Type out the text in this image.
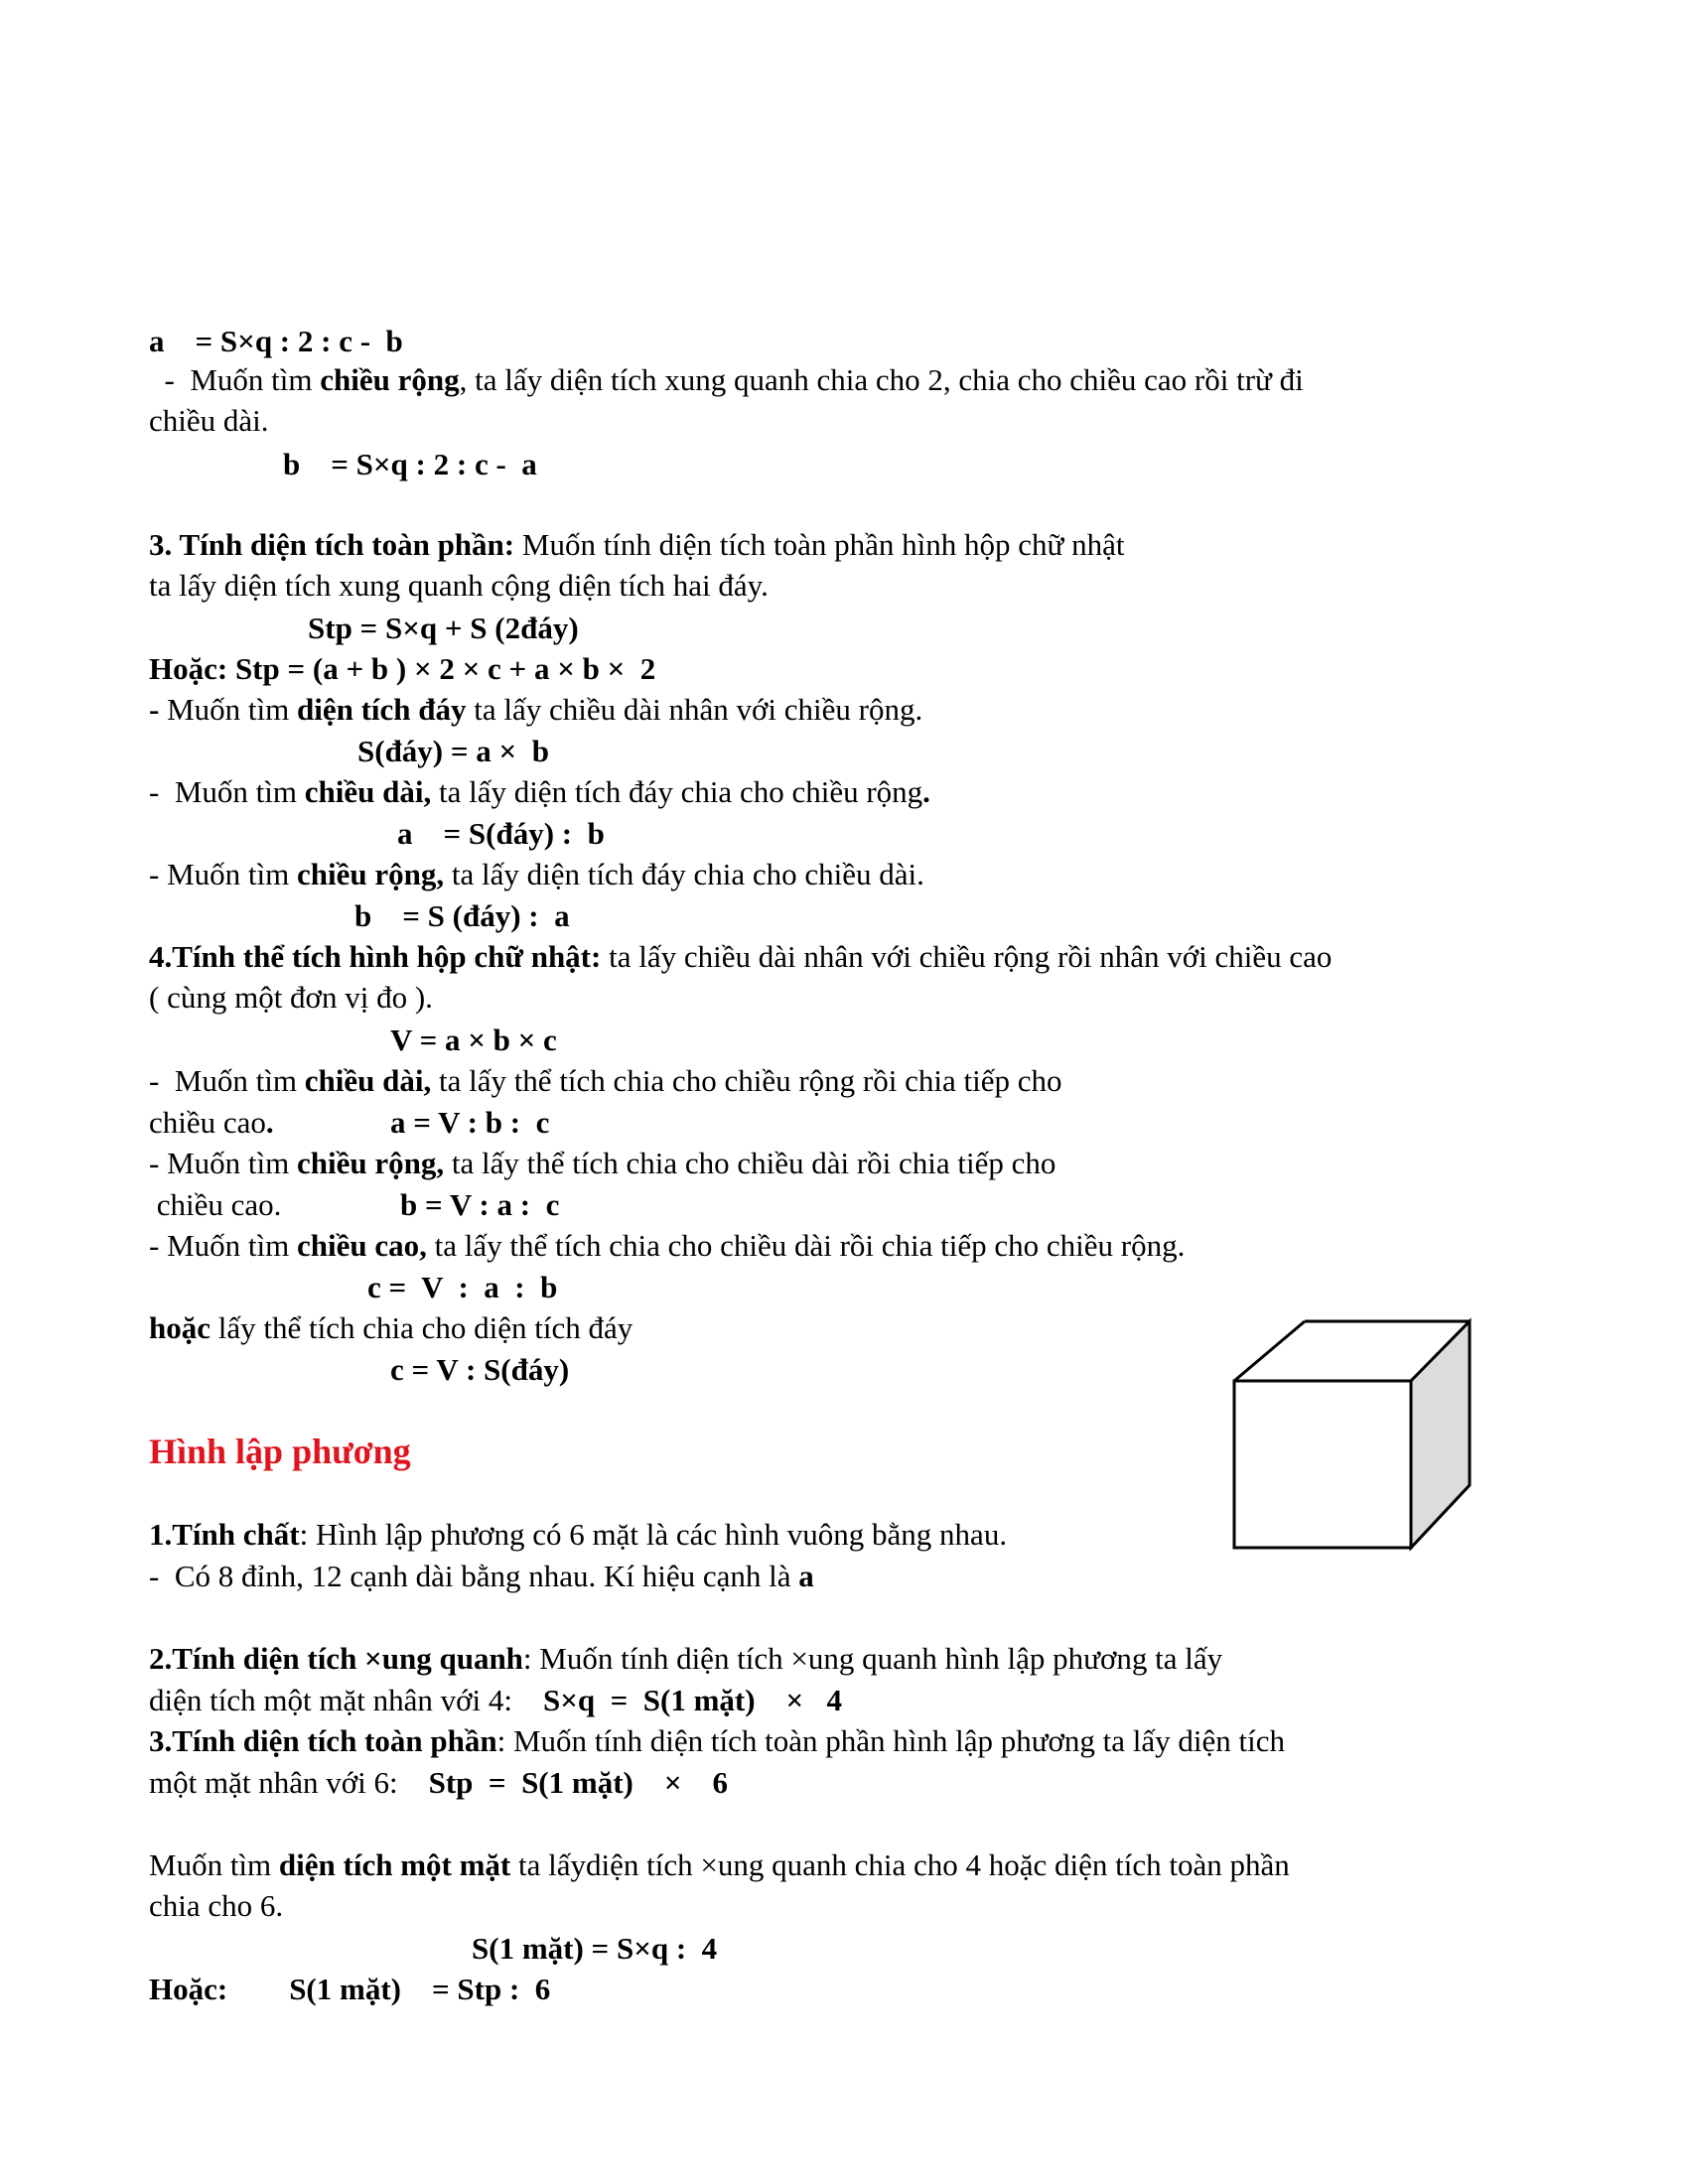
a    = S×q : 2 : c -  b
-  Muốn tìm chiều rộng, ta lấy diện tích xung quanh chia cho 2, chia cho chiều cao rồi trừ đi
chiều dài.
b    = S×q : 2 : c -  a
3. Tính diện tích toàn phần: Muốn tính diện tích toàn phần hình hộp chữ nhật
ta lấy diện tích xung quanh cộng diện tích hai đáy.
Stp = S×q + S (2đáy)
Hoặc: Stp = (a + b ) × 2 × c + a × b ×  2
- Muốn tìm diện tích đáy ta lấy chiều dài nhân với chiều rộng.
S(đáy) = a ×  b
-  Muốn tìm chiều dài, ta lấy diện tích đáy chia cho chiều rộng.
a    = S(đáy) :  b
- Muốn tìm chiều rộng, ta lấy diện tích đáy chia cho chiều dài.
b    = S (đáy) :  a
4.Tính thể tích hình hộp chữ nhật: ta lấy chiều dài nhân với chiều rộng rồi nhân với chiều cao
( cùng một đơn vị đo ).
V = a × b × c
-  Muốn tìm chiều dài, ta lấy thể tích chia cho chiều rộng rồi chia tiếp cho
chiều cao.	a = V : b :  c
- Muốn tìm chiều rộng, ta lấy thể tích chia cho chiều dài rồi chia tiếp cho
chiều cao.	b = V : a :  c
- Muốn tìm chiều cao, ta lấy thể tích chia cho chiều dài rồi chia tiếp cho chiều rộng.
c =  V  :  a  :  b
hoặc lấy thể tích chia cho diện tích đáy
c = V : S(đáy)
Hình lập phương
1.Tính chất: Hình lập phương có 6 mặt là các hình vuông bằng nhau.
-  Có 8 đỉnh, 12 cạnh dài bằng nhau. Kí hiệu cạnh là a
2.Tính diện tích ×ung quanh: Muốn tính diện tích ×ung quanh hình lập phương ta lấy
diện tích một mặt nhân với 4:    S×q  =  S(1 mặt)    ×   4
3.Tính diện tích toàn phần: Muốn tính diện tích toàn phần hình lập phương ta lấy diện tích
một mặt nhân với 6:    Stp  =  S(1 mặt)    ×    6
Muốn tìm diện tích một mặt ta lấydiện tích ×ung quanh chia cho 4 hoặc diện tích toàn phần
chia cho 6.
S(1 mặt) = S×q :  4
Hoặc:        S(1 mặt)    = Stp :  6
